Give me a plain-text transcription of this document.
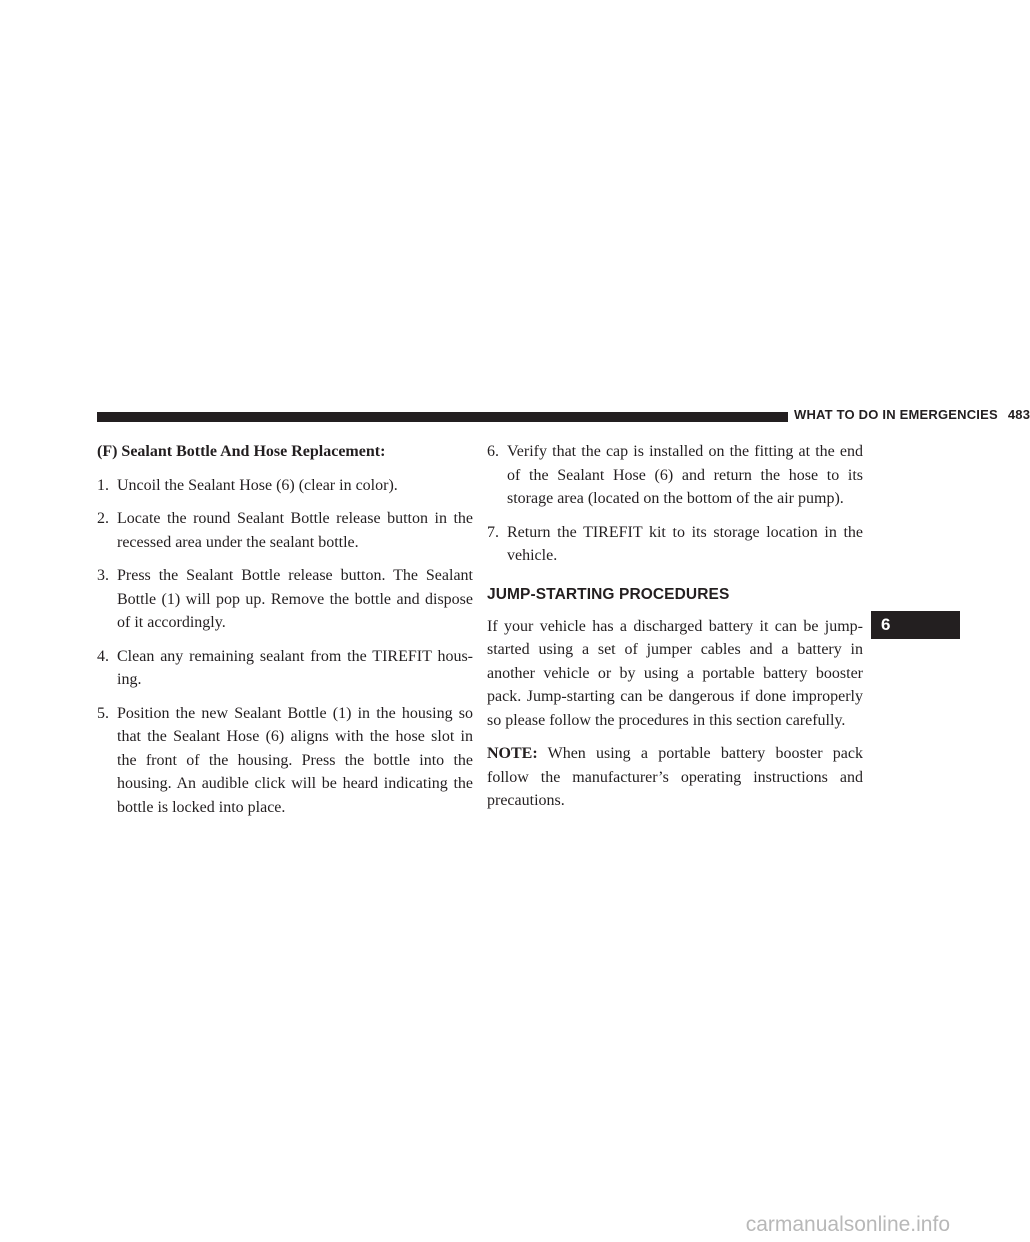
WHAT TO DO IN EMERGENCIES 483

(F) Sealant Bottle And Hose Replacement:

1. Uncoil the Sealant Hose (6) (clear in color).

2. Locate the round Sealant Bottle release button in the recessed area under the sealant bottle.

3. Press the Sealant Bottle release button. The Sealant Bottle (1) will pop up. Remove the bottle and dispose of it accordingly.

4. Clean any remaining sealant from the TIREFIT housing.

5. Position the new Sealant Bottle (1) in the housing so that the Sealant Hose (6) aligns with the hose slot in the front of the housing. Press the bottle into the housing. An audible click will be heard indicating the bottle is locked into place.

6. Verify that the cap is installed on the fitting at the end of the Sealant Hose (6) and return the hose to its storage area (located on the bottom of the air pump).

7. Return the TIREFIT kit to its storage location in the vehicle.

JUMP-STARTING PROCEDURES

If your vehicle has a discharged battery it can be jump-started using a set of jumper cables and a battery in another vehicle or by using a portable battery booster pack. Jump-starting can be dangerous if done improperly so please follow the procedures in this section carefully.

NOTE: When using a portable battery booster pack follow the manufacturer’s operating instructions and precautions.

6
carmanualsonline.info
